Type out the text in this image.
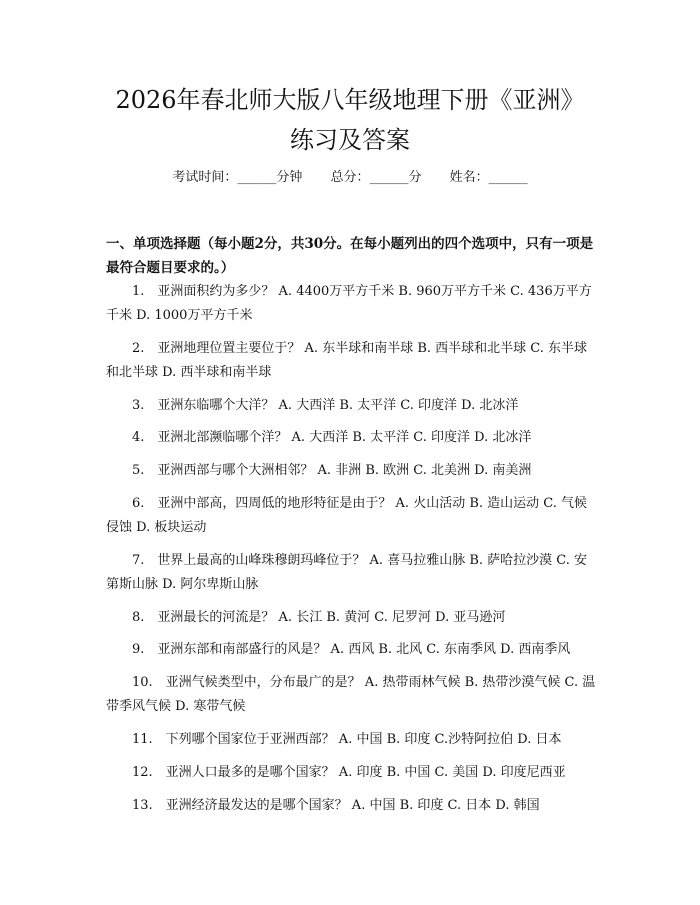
2026年春北师大版八年级地理下册《亚洲》
练习及答案
考试时间：______分钟 总分：______分 姓名：______
一、单项选择题（每小题2分，共30分。在每小题列出的四个选项中，只有一项是最符合题目要求的。）

1.　亚洲面积约为多少？ A. 4400万平方千米 B. 960万平方千米 C. 436万平方千米 D. 1000万平方千米

2.　亚洲地理位置主要位于？ A. 东半球和南半球 B. 西半球和北半球 C. 东半球和北半球 D. 西半球和南半球

3.　亚洲东临哪个大洋？ A. 大西洋 B. 太平洋 C. 印度洋 D. 北冰洋

4.　亚洲北部濒临哪个洋？ A. 大西洋 B. 太平洋 C. 印度洋 D. 北冰洋

5.　亚洲西部与哪个大洲相邻？ A. 非洲 B. 欧洲 C. 北美洲 D. 南美洲

6.　亚洲中部高，四周低的地形特征是由于？ A. 火山活动 B. 造山运动 C. 气候侵蚀 D. 板块运动

7.　世界上最高的山峰珠穆朗玛峰位于？ A. 喜马拉雅山脉 B. 萨哈拉沙漠 C. 安第斯山脉 D. 阿尔卑斯山脉

8.　亚洲最长的河流是？ A. 长江 B. 黄河 C. 尼罗河 D. 亚马逊河

9.　亚洲东部和南部盛行的风是？ A. 西风 B. 北风 C. 东南季风 D. 西南季风

10.　亚洲气候类型中，分布最广的是？ A. 热带雨林气候 B. 热带沙漠气候 C. 温带季风气候 D. 寒带气候

11.　下列哪个国家位于亚洲西部？ A. 中国 B. 印度 C.沙特阿拉伯 D. 日本

12.　亚洲人口最多的是哪个国家？ A. 印度 B. 中国 C. 美国 D. 印度尼西亚

13.　亚洲经济最发达的是哪个国家？ A. 中国 B. 印度 C. 日本 D. 韩国
